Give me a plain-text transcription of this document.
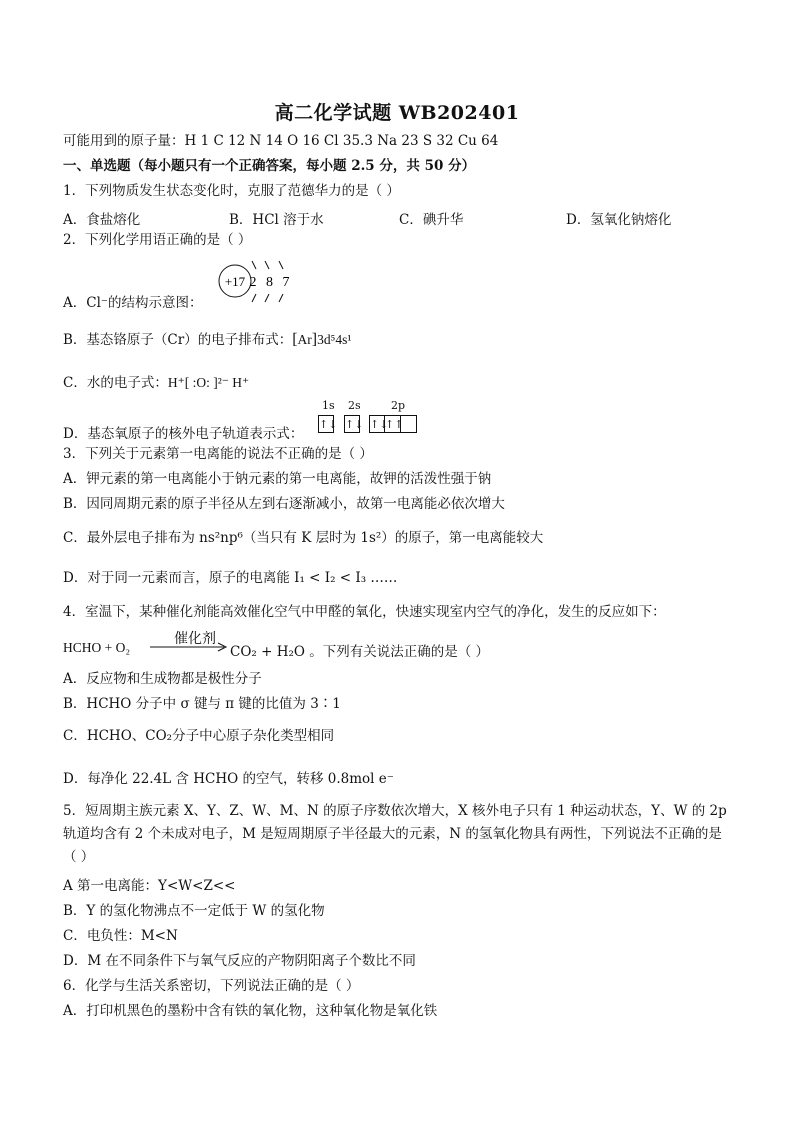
高二化学试题 WB202401
可能用到的原子量：H 1 C 12 N 14 O 16 Cl 35.3 Na 23 S 32 Cu 64
一、单选题（每小题只有一个正确答案，每小题 2.5 分，共 50 分）
1．下列物质发生状态变化时，克服了范德华力的是（ ）
A．食盐熔化	B．HCl 溶于水	C．碘升华	D．氢氧化钠熔化
2．下列化学用语正确的是（ ）
A．Cl⁻的结构示意图：
+17 2 8 7
B．基态铬原子（Cr）的电子排布式：[Ar]3d⁵4s¹
C．水的电子式：H⁺[ :O: ]²⁻ H⁺
D．基态氧原子的核外电子轨道表示式：
1s 2s	2p
↑↓ ↑↓ ↑↓
↑↑
3．下列关于元素第一电离能的说法不正确的是（ ）
A．钾元素的第一电离能小于钠元素的第一电离能，故钾的活泼性强于钠
B．因同周期元素的原子半径从左到右逐渐减小，故第一电离能必依次增大
C．最外层电子排布为 ns²np⁶（当只有 K 层时为 1s²）的原子，第一电离能较大
D．对于同一元素而言，原子的电离能 I₁ < I₂ < I₃ ……
4．室温下，某种催化剂能高效催化空气中甲醛的氧化，快速实现室内空气的净化，发生的反应如下：
HCHO + O₂
催化剂
CO₂ + H₂O 。下列有关说法正确的是（ ）
A．反应物和生成物都是极性分子
B．HCHO 分子中 σ 键与 π 键的比值为 3∶1
C．HCHO、CO₂分子中心原子杂化类型相同
D．每净化 22.4L 含 HCHO 的空气，转移 0.8mol e⁻
5．短周期主族元素 X、Y、Z、W、M、N 的原子序数依次增大，X 核外电子只有 1 种运动状态，Y、W 的 2p 轨道均含有 2 个未成对电子，M 是短周期原子半径最大的元素，N 的氢氧化物具有两性，下列说法不正确的是（ ）
A 第一电离能：Y<W<Z<<
B．Y 的氢化物沸点不一定低于 W 的氢化物
C．电负性：M<N
D．M 在不同条件下与氧气反应的产物阴阳离子个数比不同
6．化学与生活关系密切，下列说法正确的是（ ）
A．打印机黑色的墨粉中含有铁的氧化物，这种氧化物是氧化铁
